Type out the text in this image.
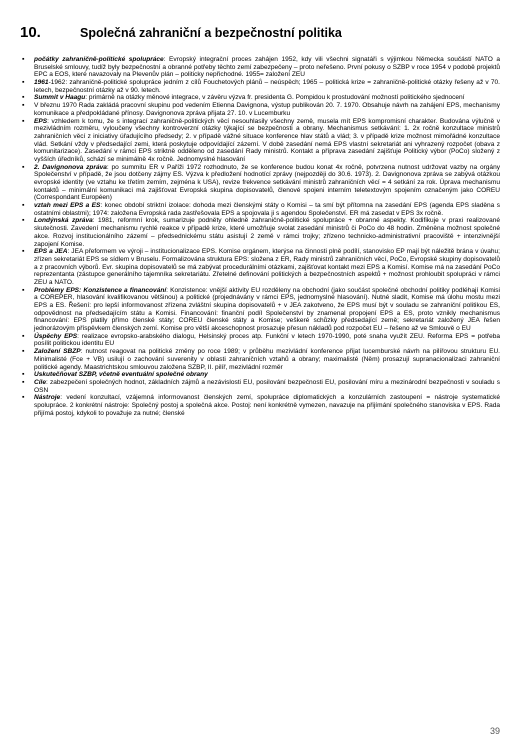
10.	Společná zahraniční a bezpečnostní politika
▪ počátky zahraničně-politické spolupráce: Evropský integrační proces zahájen 1952, kdy vili všechni signatáři s výjimkou Německa součástí NATO a Bruselské smlouvy, tudíž byly bezpečnostní a obranné potřeby těchto zemí zabezpečeny – proto neřešeno. První pokusy o SZBP v roce 1954 v podobě projektů EPC a EOS, které navazovaly na Plevenův plán – politicky nepřichodné. 1955= založení ZEU
▪ 1961-1962: zahraničně-politické spolupráce jedním z cílů Fouchetových plánů – neúspěch; 1965 – politická krize = zahraničně-politické otázky řešeny až v 70. letech, bezpečnostní otázky až v 90. letech.
▪ Summit v Haagu: primárně na otázky měnové integrace, v závěru výzva fr. presidenta G. Pompidou k prostudování možností politického sjednocení
▪ V březnu 1970 Rada zakládá pracovní skupinu pod vedením Etienna Davignona, výstup publikován 20. 7. 1970. Obsahuje návrh na zahájení EPS, mechanismy komunikace a předpokládané přínosy. Davignonova zpráva přijata 27. 10. v Lucemburku
▪ EPS: vzhledem k tomu, že s integrací zahraničně-politických věcí nesouhlasily všechny země, musela mít EPS kompromisní charakter. Budována výlučně v mezivládním rozměru, vyloučeny všechny kontroverzní otázky týkající se bezpečnosti a obrany. Mechanismus setkávání: 1. 2x ročně konzultace ministrů zahraničních věcí z iniciativy úřadujícího předsedy; 2. v případě vážné situace konference hlav států a vlád; 3. v případě krize možnost mimořádné konzultace vlád. Setkání vždy v předsedající zemi, která poskytuje odpovídající zázemí. V době zasedání nemá EPS vlastní sekretariát ani vyhrazený rozpočet (obava z komunitarizace). Zasedání v rámci EPS striktně odděleno od zasedání Rady ministrů. Kontakt a příprava zasedání zajišťuje Politický výbor (PoCo) složený z vyšších úředníků, schází se minimálně 4x ročně. Jednomyslné hlasování
▪ 2. Davignonova zpráva: po summitu ER v Paříži 1972 rozhodnuto, že se konference budou konat 4x ročně, potvrzena nutnost udržovat vazby na orgány Společenství v případě, že jsou dotčeny zájmy ES. Výzva k předložení hodnotící zprávy (nejpozději do 30.6. 1973). 2. Davignonova zpráva se zabývá otázkou evropské identity (ve vztahu ke třetím zemím, zejména k USA), revize frekvence setkávání ministrů zahraničních věcí = 4 setkání za rok. Úprava mechanismu kontaktů – minimální komunikaci má zajišťovat Evropská skupina dopisovatelů, členové spojeni interním teletextovým spojením označeným jako COREU (Correspondant Européen)
▪ vztah mezi EPS a ES: konec období striktní izolace: dohoda mezi členskými státy o Komisi – ta smí být přítomna na zasedání EPS (agenda EPS sladěna s ostatními oblastmi); 1974: založena Evropská rada zastřešovala EPS a spojovala ji s agendou Společenství. ER má zasedat v EPS 3x ročně.
▪ Londýnská zpráva: 1981, reformní krok, sumarizuje podněty ohledně zahraničně-politické spolupráce + obranné aspekty. Kodifikuje v praxi realizované skutečnosti. Zavedení mechanismu rychlé reakce v případě krize, které umožňuje svolat zasedání ministrů či PoCo do 48 hodin. Změněna možnost společné akce. Rozvoj institucionálního zázemí – předsednickému státu asistují 2 země v rámci trojky; zřízeno technicko-administrativní pracoviště + intenzivnější zapojení Komise.
▪ EPS a JEA: JEA přeformem ve výroji – institucionalizace EPS. Komise orgánem, kterýse na činnosti plně podílí, stanovisko EP mají být náležitě brána v úvahu; zřízen sekretariát EPS se sídlem v Bruselu. Formalizována struktura EPS: složena z ER, Rady ministrů zahraničních věcí, PoCo, Evropské skupiny dopisovatelů a z pracovních výborů. Evr. skupina dopisovatelů se má zabývat procedurálními otázkami, zajišťovat kontakt mezi EPS a Komisí. Komise má na zasedání PoCo reprezentanta (zástupce generálního tajemníka sekretariátu. Zřetelné definování politických a bezpečnostních aspektů + možnost prohloubit spolupráci v rámci ZEU a NATO.
▪ Problémy EPS: Konzistence a financování: Konzistence: vnější aktivity EU rozděleny na obchodní (jako součást společné obchodní politiky podléhají Komisi a COREPER, hlasování kvalifikovanou většinou) a politické (projednávány v rámci EPS, jednomyslné hlasování). Nutné sladit, Komise má úlohu mostu mezi EPS a ES. Řešení: pro lepší informovanost zřízena zvláštní skupina dopisovatelů + v JEA zakotveno, že EPS musí být v souladu se zahraniční politikou ES, odpovědnost na předsedajícím státu a Komisi. Financování: finanční podíl Společenství by znamenal propojení EPS a ES, proto vznikly mechanismus financování: EPS platily přímo členské státy; COREU členské státy a Komise; veškeré schůzky předsedající země; sekretariát založený JEA řešen jednorázovým příspěvkem členských zemí. Komise pro větší akceschopnost prosazuje přesun nákladů pod rozpočet EU – řešeno až ve Smlouvě o EU
▪ Úspěchy EPS: realizace evropsko-arabského dialogu, Helsinský proces atp. Funkční v letech 1970-1990, poté snaha využít ZEU. Reforma EPS = potřeba posílit politickou identitu EU
▪ Založení SBZP: nutnost reagovat na politické změny po roce 1989; v průběhu mezivládní konference přijat lucemburské návrh na pilířovou strukturu EU. Minimalisté (Fce + VB) usilují o zachování suverenity v oblasti zahraničních vztahů a obrany; maximalisté (Něm) prosazují supranacionalizaci zahraniční politické agendy. Maastrichtskou smlouvou založena SZBP, II. pilíř, mezivládní rozměr
▪ Uskutečňovat SZBP, včetně eventuální společné obrany
▪ Cíle: zabezpečení společných hodnot, základních zájmů a nezávislosti EU, posilování bezpečnosti EU, posilování míru a mezinárodní bezpečnosti v souladu s OSN
▪ Nástroje: vedení konzultací, vzájemná informovanost členských zemí, spolupráce diplomatických a konzulárních zastoupení = nástroje systematické spolupráce. 2 konkrétní nástroje: Společný postoj a společná akce. Postoj: není konkrétně vymezen, navazuje na přijímání společného stanoviska v EPS. Rada přijímá postoj, kdykoli to považuje za nutné; členské
39
